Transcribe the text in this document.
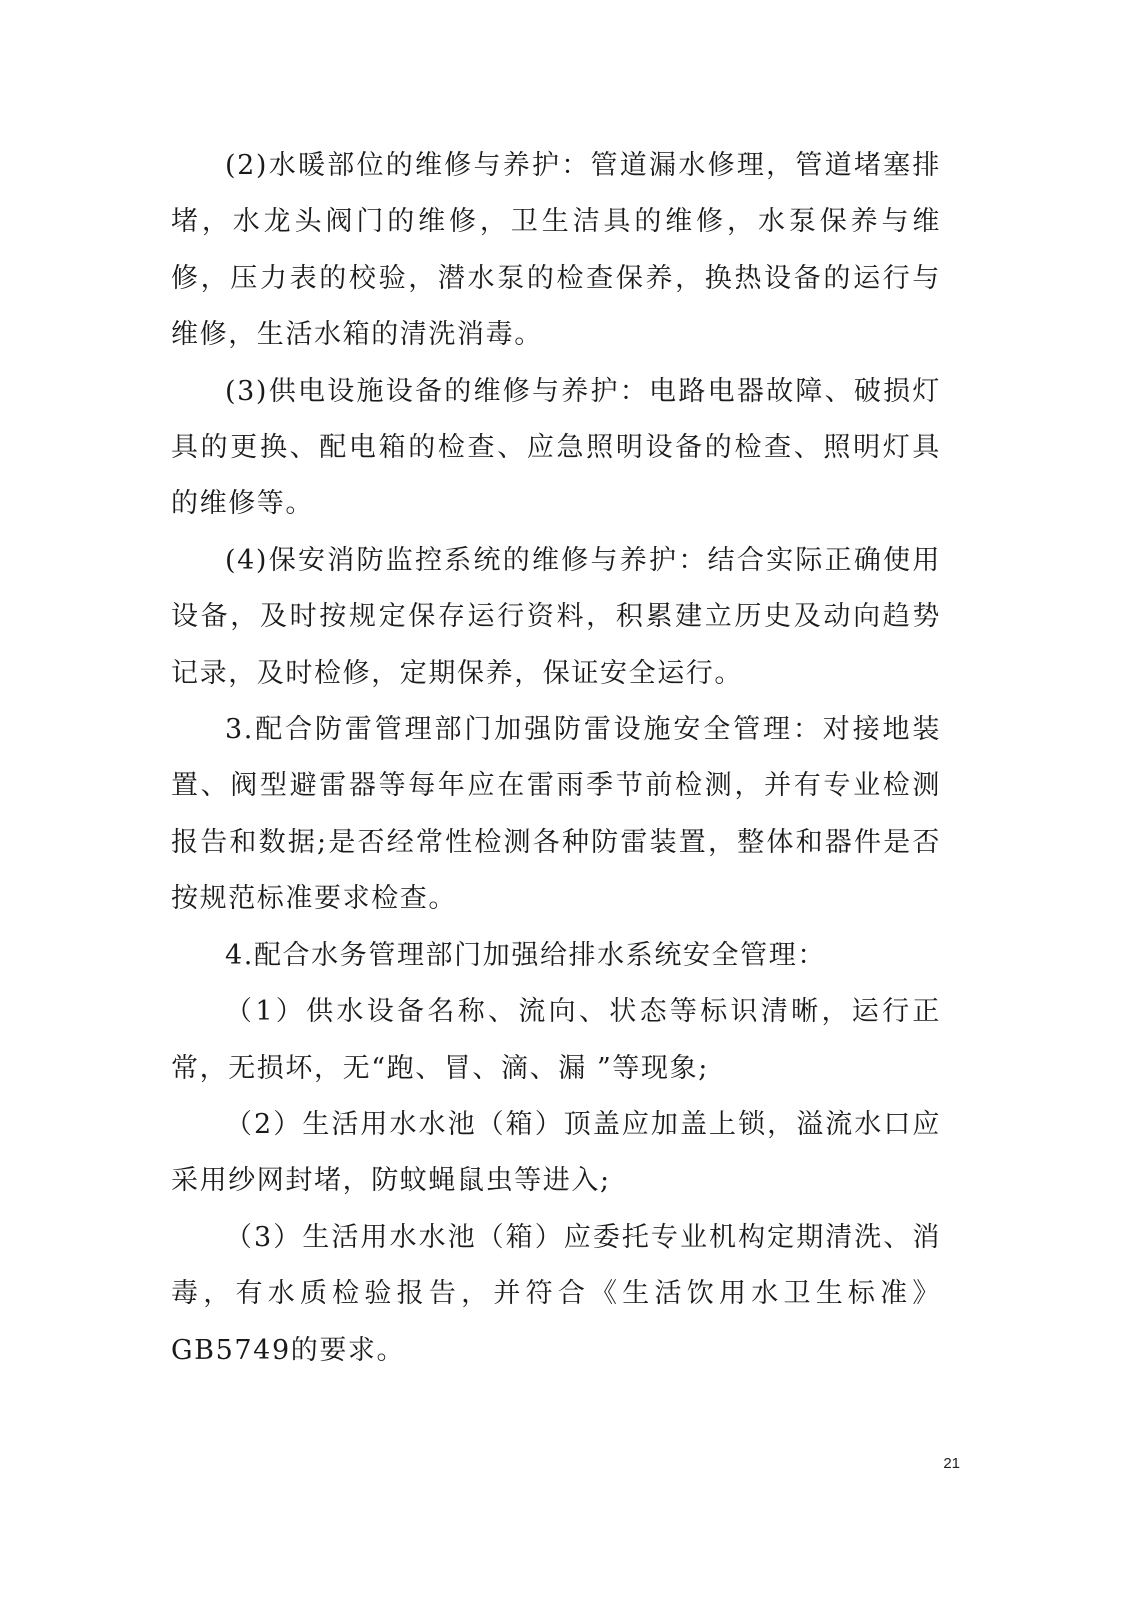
(2)水暖部位的维修与养护：管道漏水修理，管道堵塞排堵，水龙头阀门的维修，卫生洁具的维修，水泵保养与维修，压力表的校验，潜水泵的检查保养，换热设备的运行与维修，生活水箱的清洗消毒。

(3)供电设施设备的维修与养护：电路电器故障、破损灯具的更换、配电箱的检查、应急照明设备的检查、照明灯具的维修等。

(4)保安消防监控系统的维修与养护：结合实际正确使用设备，及时按规定保存运行资料，积累建立历史及动向趋势记录，及时检修，定期保养，保证安全运行。

3.配合防雷管理部门加强防雷设施安全管理：对接地装置、阀型避雷器等每年应在雷雨季节前检测，并有专业检测报告和数据;是否经常性检测各种防雷装置，整体和器件是否按规范标准要求检查。

4.配合水务管理部门加强给排水系统安全管理：

（1）供水设备名称、流向、状态等标识清晰，运行正常，无损坏，无“跑、冒、滴、漏 ”等现象;

（2）生活用水水池（箱）顶盖应加盖上锁，溢流水口应采用纱网封堵，防蚊蝇鼠虫等进入;

（3）生活用水水池（箱）应委托专业机构定期清洗、消毒，有水质检验报告，并符合《生活饮用水卫生标准》GB5749的要求。

21
